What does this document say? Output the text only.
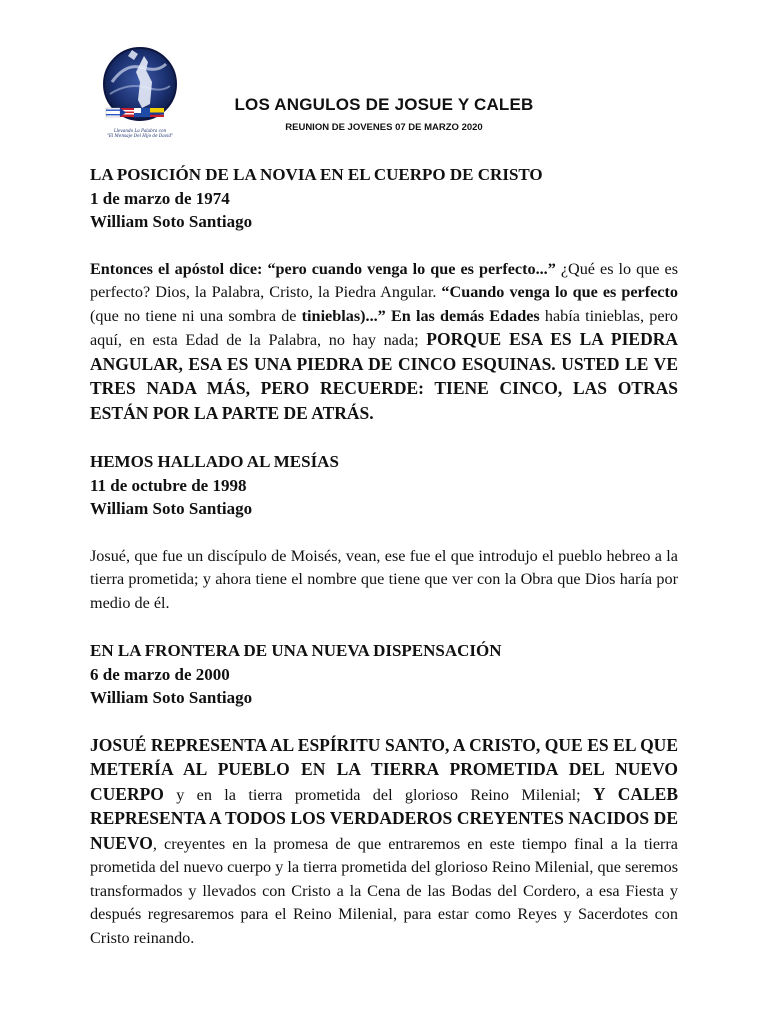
Llevando La Palabra con
"El Mensaje Del Hijo de David"
LOS ANGULOS DE JOSUE Y CALEB
REUNION DE JOVENES 07 DE MARZO 2020
LA POSICIÓN DE LA NOVIA EN EL CUERPO DE CRISTO
1 de marzo de 1974
William Soto Santiago

Entonces el apóstol dice: “pero cuando venga lo que es perfecto...” ¿Qué es lo que es perfecto? Dios, la Palabra, Cristo, la Piedra Angular. “Cuando venga lo que es perfecto (que no tiene ni una sombra de tinieblas)...” En las demás Edades había tinieblas, pero aquí, en esta Edad de la Palabra, no hay nada; PORQUE ESA ES LA PIEDRA ANGULAR, ESA ES UNA PIEDRA DE CINCO ESQUINAS. USTED LE VE TRES NADA MÁS, PERO RECUERDE: TIENE CINCO, LAS OTRAS ESTÁN POR LA PARTE DE ATRÁS.

HEMOS HALLADO AL MESÍAS
11 de octubre de 1998
William Soto Santiago

Josué, que fue un discípulo de Moisés, vean, ese fue el que introdujo el pueblo hebreo a la tierra prometida; y ahora tiene el nombre que tiene que ver con la Obra que Dios haría por medio de él.

EN LA FRONTERA DE UNA NUEVA DISPENSACIÓN
6 de marzo de 2000
William Soto Santiago

JOSUÉ REPRESENTA AL ESPÍRITU SANTO, A CRISTO, QUE ES EL QUE METERÍA AL PUEBLO EN LA TIERRA PROMETIDA DEL NUEVO CUERPO y en la tierra prometida del glorioso Reino Milenial; Y CALEB REPRESENTA A TODOS LOS VERDADEROS CREYENTES NACIDOS DE NUEVO, creyentes en la promesa de que entraremos en este tiempo final a la tierra prometida del nuevo cuerpo y la tierra prometida del glorioso Reino Milenial, que seremos transformados y llevados con Cristo a la Cena de las Bodas del Cordero, a esa Fiesta y después regresaremos para el Reino Milenial, para estar como Reyes y Sacerdotes con Cristo reinando.
